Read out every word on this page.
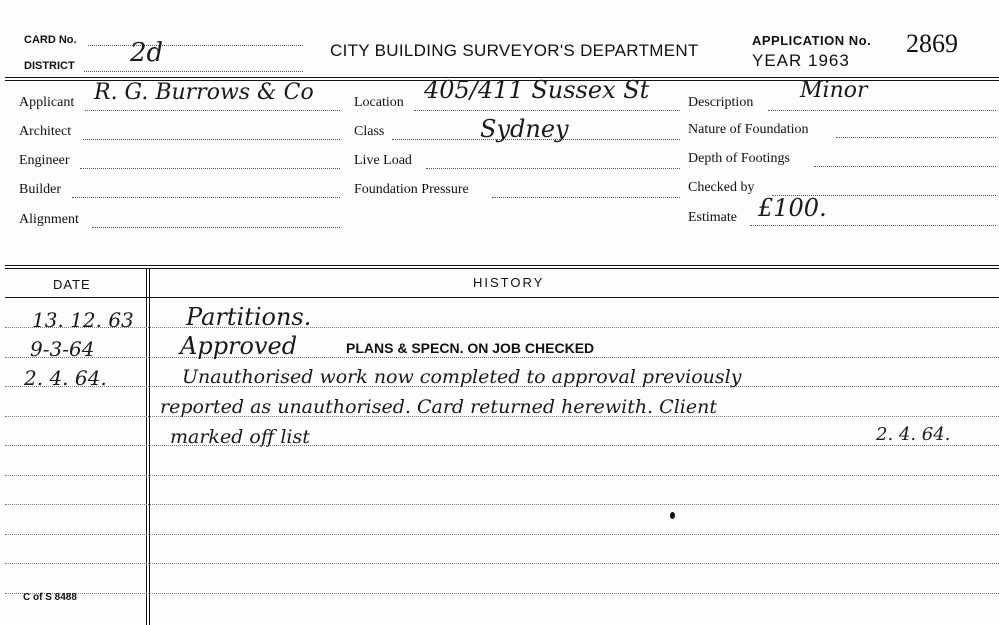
CARD No.
DISTRICT 2d	CITY BUILDING SURVEYOR'S DEPARTMENT
APPLICATION No. 2869
YEAR 1963
Applicant R. G. Burrows & Co
Architect
Engineer
Builder
Alignment
Location 405/411 Sussex St
Class	Sydney
Live Load
Foundation Pressure
Description Minor
Nature of Foundation
Depth of Footings
Checked by
Estimate £100.
DATE	HISTORY
13. 12. 63 Partitions.
9-3-64	Approved	PLANS & SPECN. ON JOB CHECKED
2. 4. 64.	Unauthorised work now completed to approval previously
reported as unauthorised. Card returned herewith. Client
marked off list	2. 4. 64.
C of S 8488
